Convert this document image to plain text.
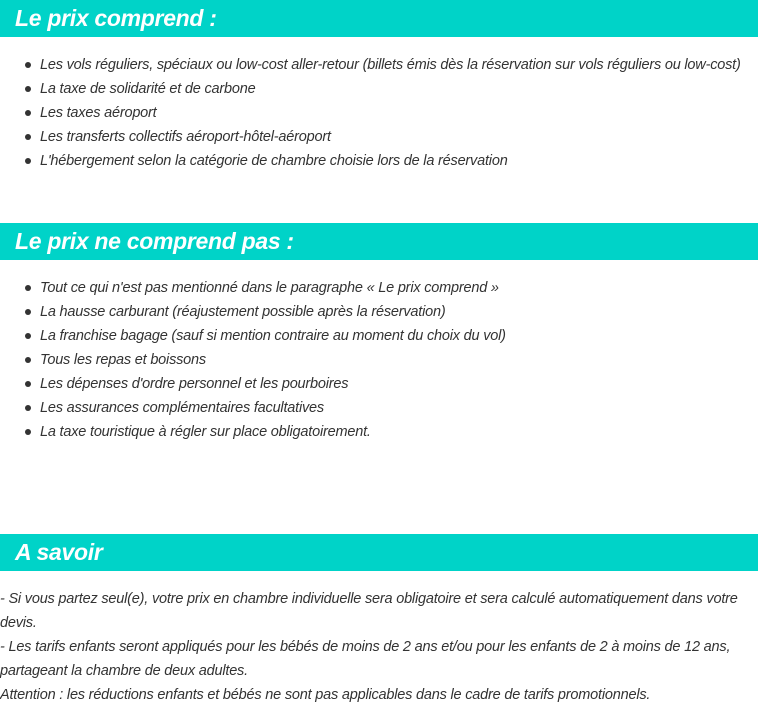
Le prix comprend :
Les vols réguliers, spéciaux ou low-cost aller-retour (billets émis dès la réservation sur vols réguliers ou low-cost)
La taxe de solidarité et de carbone
Les taxes aéroport
Les transferts collectifs aéroport-hôtel-aéroport
L'hébergement selon la catégorie de chambre choisie lors de la réservation
Le prix ne comprend pas :
Tout ce qui n'est pas mentionné dans le paragraphe « Le prix comprend »
La hausse carburant (réajustement possible après la réservation)
La franchise bagage (sauf si mention contraire au moment du choix du vol)
Tous les repas et boissons
Les dépenses d'ordre personnel et les pourboires
Les assurances complémentaires facultatives
La taxe touristique à régler sur place obligatoirement.
A savoir

- Si vous partez seul(e), votre prix en chambre individuelle sera obligatoire et sera calculé automatiquement dans votre devis.

- Les tarifs enfants seront appliqués pour les bébés de moins de 2 ans et/ou pour les enfants de 2 à moins de 12 ans, partageant la chambre de deux adultes.

Attention : les réductions enfants et bébés ne sont pas applicables dans le cadre de tarifs promotionnels.
